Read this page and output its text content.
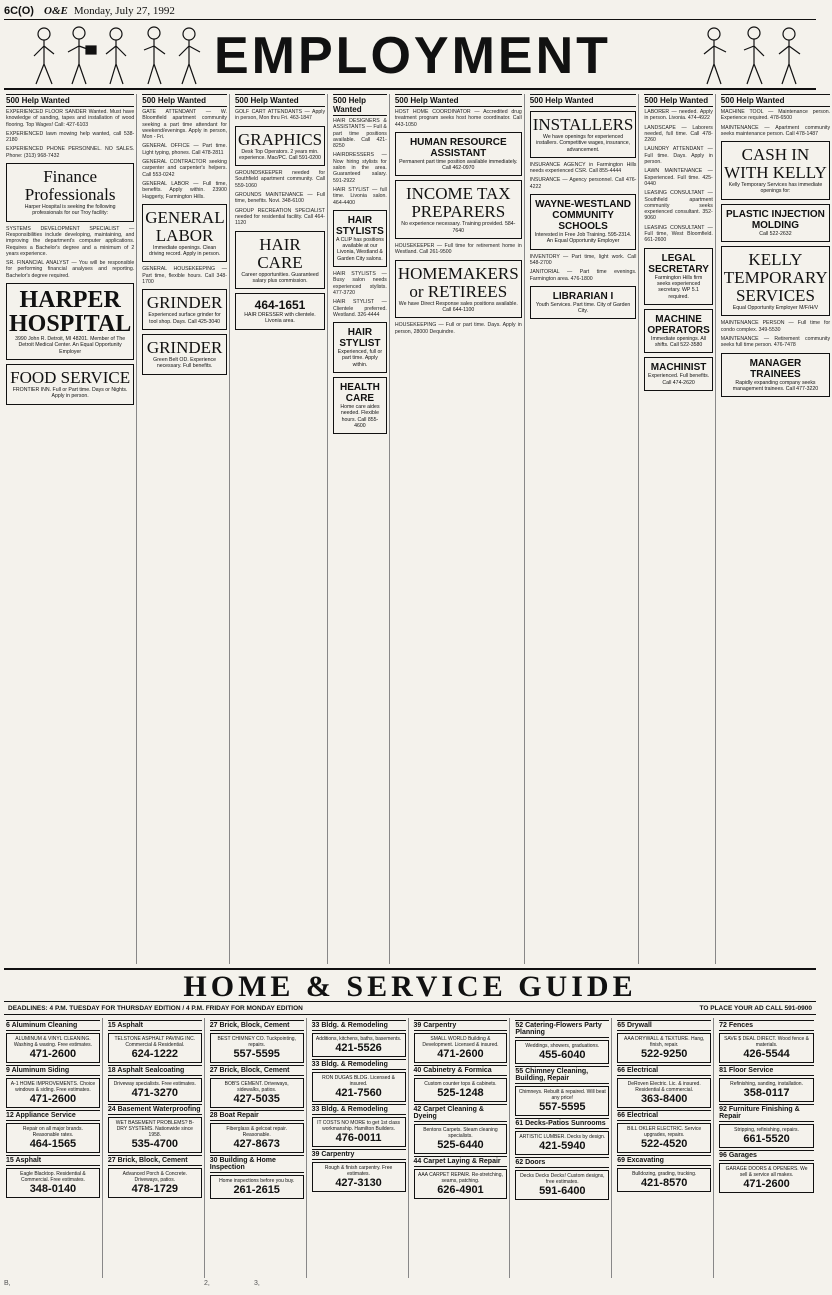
6C(O) O&E Monday, July 27, 1992
EMPLOYMENT
500 Help Wanted

EXPERIENCED FLOOR SANDER Wanted. Must have knowledge of sanding, tapes and installation of wood flooring. Top Wages! Call: 427-6103

EXPERIENCED lawn mowing help wanted, call 538-2180

EXPERIENCED PHONE PERSONNEL. NO SALES. Phone: (313) 968-7432

Finance Professionals
Harper Hospital is seeking the following professionals for our Troy facility:

SYSTEMS DEVELOPMENT SPECIALIST — Responsibilities include developing, maintaining, and improving the department's computer applications. Requires a Bachelor's degree and a minimum of 2 years experience.

SR. FINANCIAL ANALYST — You will be responsible for performing financial analyses and reporting. Bachelor's degree required.

HARPER HOSPITAL
3990 John R. Detroit, MI 48201. Member of The Detroit Medical Center. An Equal Opportunity Employer
FOOD SERVICE
FRONTIER INN. Full or Part time. Days or Nights. Apply in person.
500 Help Wanted

GATE ATTENDANT — W. Bloomfield apartment community seeking a part time attendant for weekend/evenings. Apply in person, Mon - Fri.

GENERAL OFFICE — Part time. Light typing, phones. Call 478-2811

GENERAL CONTRACTOR seeking carpenter and carpenter's helpers. Call 553-0242

GENERAL LABOR — Full time, benefits. Apply within. 23900 Haggerty, Farmington Hills.

GENERAL LABOR
Immediate openings. Clean driving record. Apply in person.

GENERAL HOUSEKEEPING — Part time, flexible hours. Call 348-1700

GRINDER
Experienced surface grinder for tool shop. Days. Call 425-3040
GRINDER
Green Belt OD. Experience necessary. Full benefits.
500 Help Wanted

GOLF CART ATTENDANTS — Apply in person, Mon thru Fri. 463-1847

GRAPHICS
Desk Top Operators. 2 years min. experience. Mac/PC. Call 591-0200

GROUNDSKEEPER needed for Southfield apartment community. Call 559-1060

GROUNDS MAINTENANCE — Full time, benefits. Novi. 348-6100

GROUP RECREATION SPECIALIST needed for residential facility. Call 464-1120

HAIR CARE
Career opportunities. Guaranteed salary plus commission.
464-1651
HAIR DRESSER with clientele. Livonia area.
500 Help Wanted

HAIR DESIGNERS & ASSISTANTS — Full & part time positions available. Call 421-8250

HAIRDRESSERS — Now hiring stylists for salon in the area. Guaranteed salary. 591-2922

HAIR STYLIST — full time. Livonia salon. 464-4400

HAIR STYLISTS
A CLIP has positions available at our Livonia, Westland & Garden City salons.

HAIR STYLISTS — Busy salon needs experienced stylists. 477-3720

HAIR STYLIST — Clientele preferred. Westland. 326-4444

HAIR STYLIST
Experienced, full or part time. Apply within.
HEALTH CARE
Home care aides needed. Flexible hours. Call 855-4600
500 Help Wanted

HOST HOME COORDINATOR — Accredited drug treatment program seeks host home coordinator. Call 443-1050

HUMAN RESOURCE ASSISTANT
Permanent part time position available immediately. Call 462-0970
INCOME TAX PREPARERS
No experience necessary. Training provided. 584-7640

HOUSEKEEPER — Full time for retirement home in Westland. Call 261-9500

HOMEMAKERS or RETIREES
We have Direct Response sales positions available. Call 644-1100

HOUSEKEEPING — Full or part time. Days. Apply in person, 28000 Dequindre.

500 Help Wanted
INSTALLERS
We have openings for experienced installers. Competitive wages, insurance, advancement.

INSURANCE AGENCY in Farmington Hills needs experienced CSR. Call 855-4444

INSURANCE — Agency personnel. Call 476-4222

WAYNE-WESTLAND COMMUNITY SCHOOLS
Interested in Free Job Training. 595-2314. An Equal Opportunity Employer

INVENTORY — Part time, light work. Call 548-2700

JANITORIAL — Part time evenings. Farmington area. 476-1800

LIBRARIAN I
Youth Services. Part time. City of Garden City.
500 Help Wanted

LABORER — needed. Apply in person. Livonia. 474-4922

LANDSCAPE — Laborers needed, full time. Call 478-2260

LAUNDRY ATTENDANT — Full time. Days. Apply in person.

LAWN MAINTENANCE — Experienced. Full time. 425-0440

LEASING CONSULTANT — Southfield apartment community seeks experienced consultant. 352-9060

LEASING CONSULTANT — Full time, West Bloomfield. 661-2600

LEGAL SECRETARY
Farmington Hills firm seeks experienced secretary. WP 5.1 required.
MACHINE OPERATORS
Immediate openings. All shifts. Call 522-3580
MACHINIST
Experienced. Full benefits. Call 474-2620
500 Help Wanted

MACHINE TOOL — Maintenance person. Experience required. 478-6500

MAINTENANCE — Apartment community seeks maintenance person. Call 478-1487

CASH IN WITH KELLY
Kelly Temporary Services has immediate openings for:
PLASTIC INJECTION MOLDING
Call 522-2632
KELLY TEMPORARY SERVICES
Equal Opportunity Employer M/F/H/V

MAINTENANCE PERSON — Full time for condo complex. 349-5530

MAINTENANCE — Retirement community seeks full time person. 476-7478

MANAGER TRAINEES
Rapidly expanding company seeks management trainees. Call 477-3220
HOME & SERVICE GUIDE
DEADLINES: 4 P.M. TUESDAY FOR THURSDAY EDITION / 4 P.M. FRIDAY FOR MONDAY EDITION	TO PLACE YOUR AD CALL 591-0900
6 Aluminum Cleaning
ALUMINUM & VINYL CLEANING. Washing & waxing. Free estimates.
471-2600
9 Aluminum Siding
A-1 HOME IMPROVEMENTS. Choice windows & siding. Free estimates.
471-2600
12 Appliance Service
Repair on all major brands. Reasonable rates.
464-1565
15 Asphalt
Eagle Blacktop. Residential & Commercial. Free estimates.
348-0140
15 Asphalt
TELSTONE ASPHALT PAVING INC. Commercial & Residential.
624-1222
18 Asphalt Sealcoating
Driveway specialists. Free estimates.
471-3270
24 Basement Waterproofing
WET BASEMENT PROBLEMS? B-DRY SYSTEMS. Nationwide since 1958.
535-4700
27 Brick, Block, Cement
Advanced Porch & Concrete. Driveways, patios.
478-1729
27 Brick, Block, Cement
BEST CHIMNEY CO. Tuckpointing, repairs.
557-5595
27 Brick, Block, Cement
BOB'S CEMENT. Driveways, sidewalks, patios.
427-5035
28 Boat Repair
Fiberglass & gelcoat repair. Reasonable.
427-8673
30 Building & Home Inspection
Home inspections before you buy.
261-2615
33 Bldg. & Remodeling
Additions, kitchens, baths, basements.
421-5526
33 Bldg. & Remodeling
RON DUGAS BLDG. Licensed & insured.
421-7560
33 Bldg. & Remodeling
IT COSTS NO MORE to get 1st class workmanship. Hamilton Builders.
476-0011
39 Carpentry
Rough & finish carpentry. Free estimates.
427-3130
39 Carpentry
SMALL WORLD Building & Development. Licensed & insured.
471-2600
40 Cabinetry & Formica
Custom counter tops & cabinets.
525-1248
42 Carpet Cleaning & Dyeing
Bentons Carpets. Steam cleaning specialists.
525-6440
44 Carpet Laying & Repair
AAA CARPET REPAIR. Re-stretching, seams, patching.
626-4901
52 Catering-Flowers Party Planning
Weddings, showers, graduations.
455-6040
55 Chimney Cleaning, Building, Repair
Chimneys. Rebuilt & repaired. Will beat any price!
557-5595
61 Decks-Patios Sunrooms
ARTISTIC LUMBER. Decks by design.
421-5940
62 Doors
Decks Decks Decks! Custom designs, free estimates.
591-6400
65 Drywall
AAA DRYWALL & TEXTURE. Hang, finish, repair.
522-9250
66 Electrical
DeRoven Electric. Lic. & insured. Residential & commercial.
363-8400
66 Electrical
BILL OKLER ELECTRIC. Service upgrades, repairs.
522-4520
69 Excavating
Bulldozing, grading, trucking.
421-8570
72 Fences
SAVE $ DEAL DIRECT. Wood fence & materials.
426-5544
81 Floor Service
Refinishing, sanding, installation.
358-0117
92 Furniture Finishing & Repair
Stripping, refinishing, repairs.
661-5520
96 Garages
GARAGE DOORS & OPENERS. We sell & service all makes.
471-2600
B,	2,	3,
